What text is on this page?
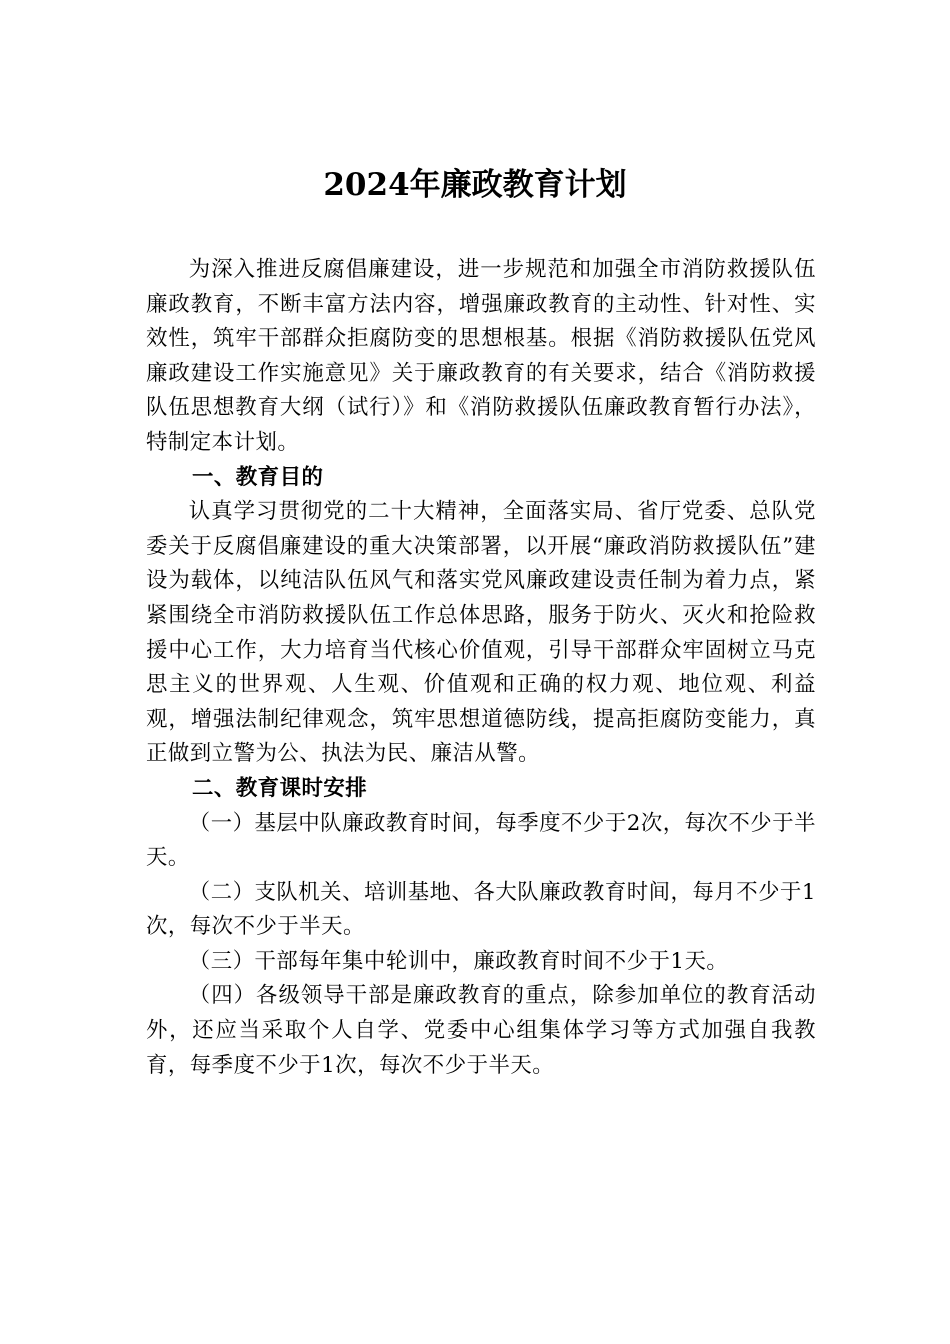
2024年廉政教育计划

为深入推进反腐倡廉建设，进一步规范和加强全市消防救援队伍廉政教育，不断丰富方法内容，增强廉政教育的主动性、针对性、实效性，筑牢干部群众拒腐防变的思想根基。根据《消防救援队伍党风廉政建设工作实施意见》关于廉政教育的有关要求，结合《消防救援队伍思想教育大纲（试行）》和《消防救援队伍廉政教育暂行办法》，特制定本计划。

一、教育目的

认真学习贯彻党的二十大精神，全面落实局、省厅党委、总队党委关于反腐倡廉建设的重大决策部署，以开展“廉政消防救援队伍”建设为载体，以纯洁队伍风气和落实党风廉政建设责任制为着力点，紧紧围绕全市消防救援队伍工作总体思路，服务于防火、灭火和抢险救援中心工作，大力培育当代核心价值观，引导干部群众牢固树立马克思主义的世界观、人生观、价值观和正确的权力观、地位观、利益观，增强法制纪律观念，筑牢思想道德防线，提高拒腐防变能力，真正做到立警为公、执法为民、廉洁从警。

二、教育课时安排

（一）基层中队廉政教育时间，每季度不少于2次，每次不少于半天。

（二）支队机关、培训基地、各大队廉政教育时间，每月不少于1次，每次不少于半天。

（三）干部每年集中轮训中，廉政教育时间不少于1天。

（四）各级领导干部是廉政教育的重点，除参加单位的教育活动外，还应当采取个人自学、党委中心组集体学习等方式加强自我教育，每季度不少于1次，每次不少于半天。
